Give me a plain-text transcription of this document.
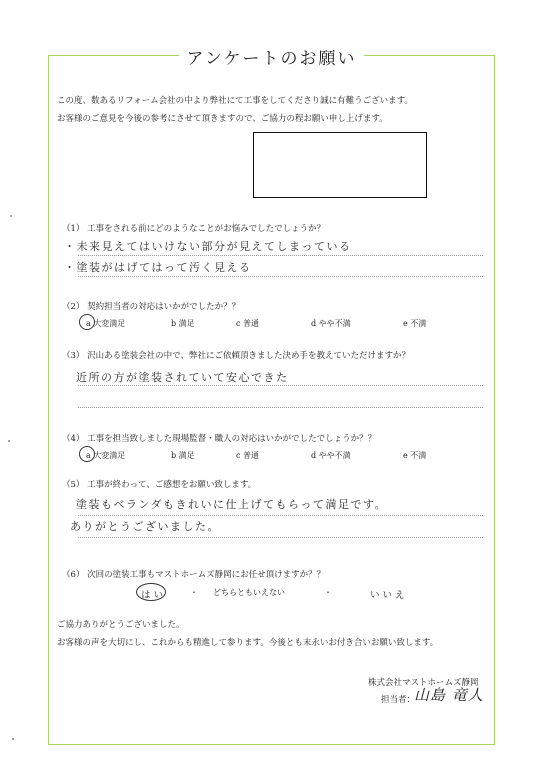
アンケートのお願い
この度、数あるリフォーム会社の中より弊社にて工事をしてくださり誠に有難うございます。
お客様のご意見を今後の参考にさせて頂きますので、ご協力の程お願い申し上げます。
（1） 工事をされる前にどのようなことがお悩みでしたでしょうか？
・未来見えてはいけない部分が見えてしまっている
・塗装がはげてはって汚く見える
（2） 契約担当者の対応はいかがでしたか？？
a 大変満足	b 満足	c 普通	d やや不満	e 不満
（3） 沢山ある塗装会社の中で、弊社にご依頼頂きました決め手を教えていただけますか？
近所の方が塗装されていて安心できた
（4） 工事を担当致しました現場監督・職人の対応はいかがでしたでしょうか？？
a 大変満足	b 満足	c 普通	d やや不満	e 不満
（5） 工事が終わって、ご感想をお願い致します。
塗装もベランダもきれいに仕上げてもらって満足です。
ありがとうございました。
（6） 次回の塗装工事もマストホームズ静岡にお任せ頂けますか？？
は い	・ どちらともいえない	・	い い え
ご協力ありがとうございました。
お客様の声を大切にし、これからも精進して参ります。今後とも末永いお付き合いお願い致します。
株式会社マストホームズ静岡
担当者：
山島 竜人
